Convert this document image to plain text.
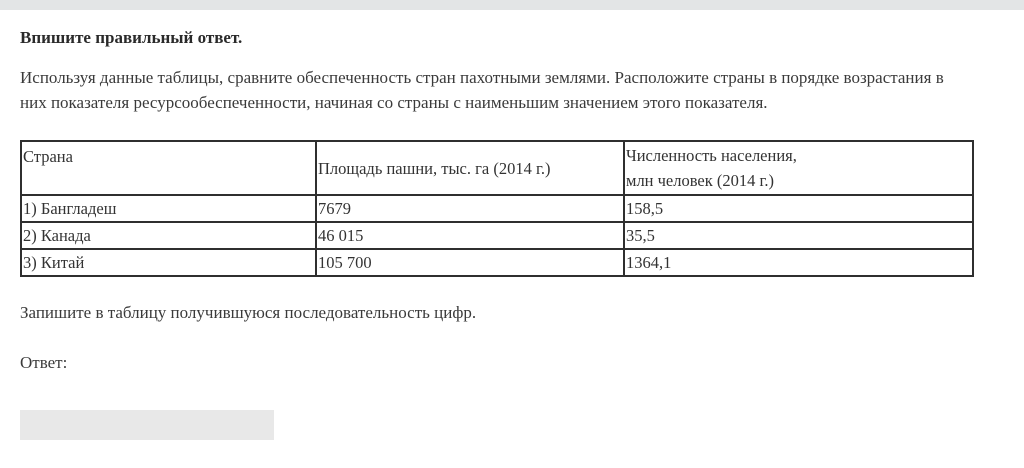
Впишите правильный ответ.
Используя данные таблицы, сравните обеспеченность стран пахотными землями. Расположите страны в порядке возрастания в
них показателя ресурсообеспеченности, начиная со страны с наименьшим значением этого показателя.
Страна	Площадь пашни, тыс. га (2014 г.)	Численность населения,
млн человек (2014 г.)

1) Бангладеш	7679	158,5
2) Канада	46 015	35,5
3) Китай	105 700	1364,1
Запишите в таблицу получившуюся последовательность цифр.
Ответ:
